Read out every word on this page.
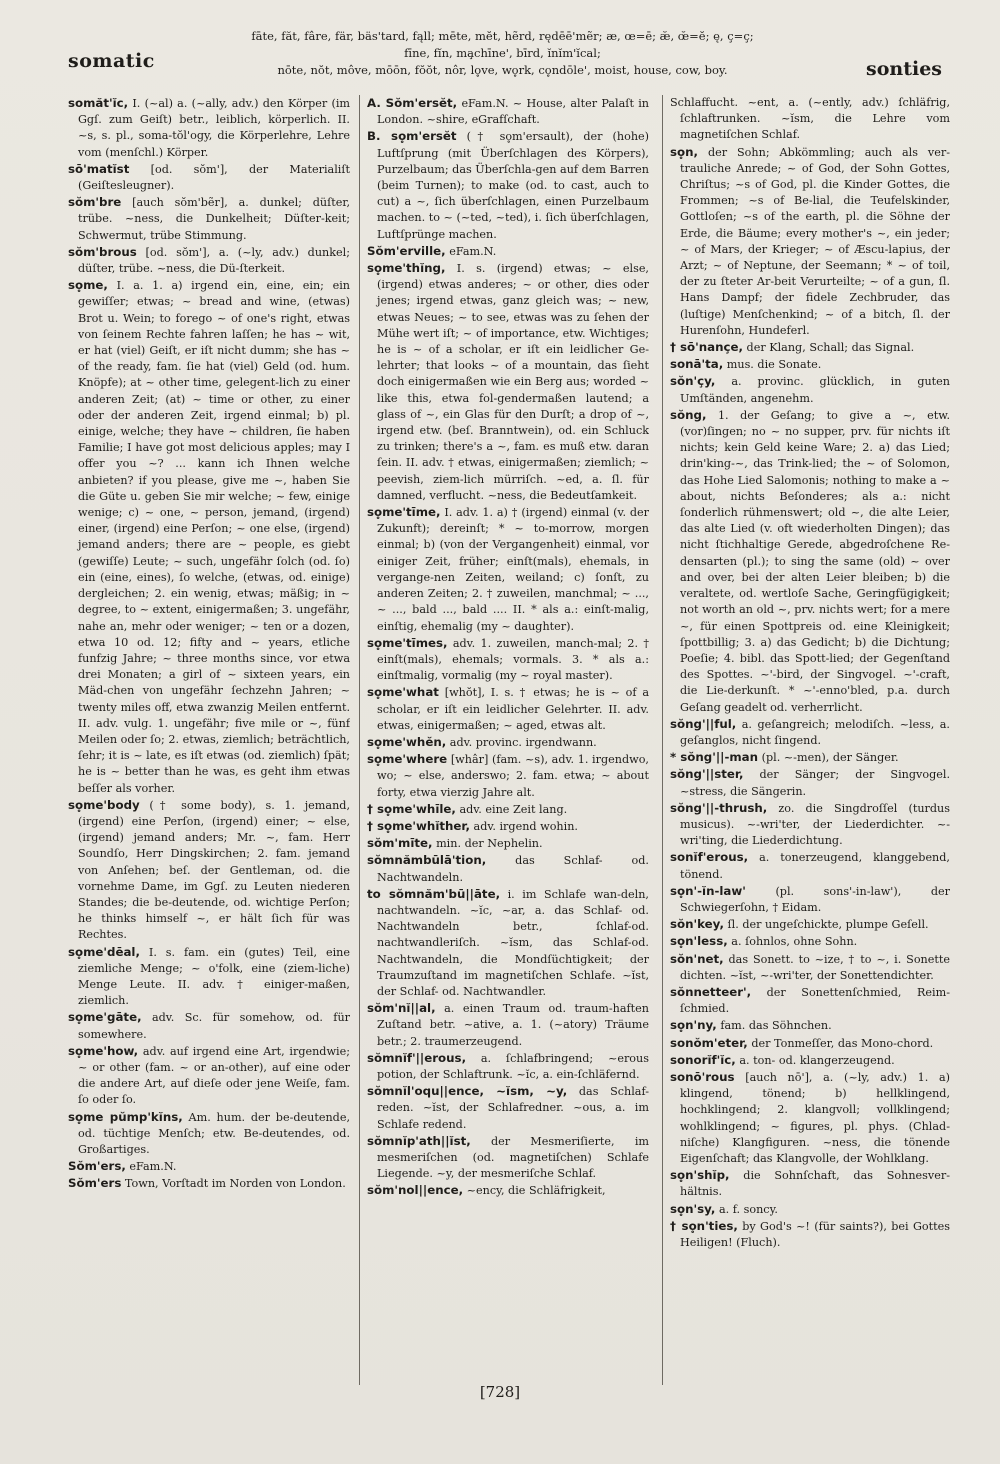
somatic
fāte, făt, fâre, fär, bäs'tard, fąll; mēte, mĕt, hẽrd, rędēē'mẽr; æ, œ=ē; æ̆, œ̆=ĕ; ę, ç=ç;
fīne, fĭn, ma̧chīne', bīrd, ĭnĭm'ĭcal;
nōte, nŏt, môve, mōōn, fŏŏt, nôr, lo̥ve, wo̥rk, co̥ndōle', moist, house, cow, boy.	sonties
somăt'ĭc, I. (~al) a. (~ally, adv.) den Körper (im Ggſ. zum Geiſt) betr., leiblich, körperlich. II. ~s, s. pl., soma-tŏl'ogy, die Körperlehre, Lehre vom (menſchl.) Körper.
sō'matĭst [od. sŏm'], der Materialiſt (Geiſtesleugner).
sŏm'bre [auch sŏm'bẽr], a. dunkel; düſter, trübe. ~ness, die Dunkelheit; Düſter-keit; Schwermut, trübe Stimmung.
sŏm'brous [od. sŏm'], a. (~ly, adv.) dunkel; düſter, trübe. ~ness, die Dü-ſterkeit.
so̥me, I. a. 1. a) irgend ein, eine, ein; ein gewiſſer; etwas; ~ bread and wine, (etwas) Brot u. Wein; to forego ~ of one's right, etwas von ſeinem Rechte fahren laſſen; he has ~ wit, er hat (viel) Geiſt, er iſt nicht dumm; she has ~ of the ready, fam. ſie hat (viel) Geld (od. hum. Knöpfe); at ~ other time, gelegent-lich zu einer anderen Zeit; (at) ~ time or other, zu einer oder der anderen Zeit, irgend einmal; b) pl. einige, welche; they have ~ children, ſie haben Familie; I have got most delicious apples; may I offer you ~? ... kann ich Ihnen welche anbieten? if you please, give me ~, haben Sie die Güte u. geben Sie mir welche; ~ few, einige wenige; c) ~ one, ~ person, jemand, (irgend) einer, (irgend) eine Perſon; ~ one else, (irgend) jemand anders; there are ~ people, es giebt (gewiſſe) Leute; ~ such, ungefähr ſolch (od. ſo) ein (eine, eines), ſo welche, (etwas, od. einige) dergleichen; 2. ein wenig, etwas; mäßig; in ~ degree, to ~ extent, einigermaßen; 3. ungefähr, nahe an, mehr oder weniger; ~ ten or a dozen, etwa 10 od. 12; fifty and ~ years, etliche funfzig Jahre; ~ three months since, vor etwa drei Monaten; a girl of ~ sixteen years, ein Mäd-chen von ungefähr ſechzehn Jahren; ~ twenty miles off, etwa zwanzig Meilen entfernt. II. adv. vulg. 1. ungefähr; five mile or ~, fünf Meilen oder ſo; 2. etwas, ziemlich; beträchtlich, ſehr; it is ~ late, es iſt etwas (od. ziemlich) ſpät; he is ~ better than he was, es geht ihm etwas beſſer als vorher.
so̥me'body († some body), s. 1. jemand, (irgend) eine Perſon, (irgend) einer; ~ else, (irgend) jemand anders; Mr. ~, fam. Herr Soundſo, Herr Dingskirchen; 2. fam. jemand von Anſehen; beſ. der Gentleman, od. die vornehme Dame, im Ggſ. zu Leuten niederen Standes; die be-deutende, od. wichtige Perſon; he thinks himself ~, er hält ſich für was Rechtes.
so̥me'dēal, I. s. fam. ein (gutes) Teil, eine ziemliche Menge; ~ o'folk, eine (ziem-liche) Menge Leute. II. adv. † einiger-maßen, ziemlich.
so̥me'gāte, adv. Sc. für somehow, od. für somewhere.
so̥me'how, adv. auf irgend eine Art, irgendwie; ~ or other (fam. ~ or an-other), auf eine oder die andere Art, auf dieſe oder jene Weiſe, fam. ſo oder ſo.
so̥me pŭmp'kĭns, Am. hum. der be-deutende, od. tüchtige Menſch; etw. Be-deutendes, od. Großartiges.
Sŏm'ers, eFam.N.
Sŏm'ers Town, Vorſtadt im Norden von London.
A. Sŏm'ersĕt, eFam.N. ~ House, alter Palaſt in London. ~shire, eGrafſchaft.
B. so̥m'ersĕt († so̥m'ersault), der (hohe) Luftſprung (mit Überſchlagen des Körpers), Purzelbaum; das Überſchla-gen auf dem Barren (beim Turnen); to make (od. to cast, auch to cut) a ~, ſich überſchlagen, einen Purzelbaum machen. to ~ (~ted, ~ted), i. ſich überſchlagen, Luftſprünge machen.
Sŏm'erville, eFam.N.
so̥me'thĭng, I. s. (irgend) etwas; ~ else, (irgend) etwas anderes; ~ or other, dies oder jenes; irgend etwas, ganz gleich was; ~ new, etwas Neues; ~ to see, etwas was zu ſehen der Mühe wert iſt; ~ of importance, etw. Wichtiges; he is ~ of a scholar, er iſt ein leidlicher Ge-lehrter; that looks ~ of a mountain, das ſieht doch einigermaßen wie ein Berg aus; worded ~ like this, etwa fol-gendermaßen lautend; a glass of ~, ein Glas für den Durſt; a drop of ~, irgend etw. (beſ. Branntwein), od. ein Schluck zu trinken; there's a ~, fam. es muß etw. daran ſein. II. adv. † etwas, einigermaßen; ziemlich; ~ peevish, ziem-lich mürriſch. ~ed, a. ſl. für damned, verflucht. ~ness, die Bedeutſamkeit.
so̥me'tīme, I. adv. 1. a) † (irgend) einmal (v. der Zukunft); dereinſt; * ~ to-morrow, morgen einmal; b) (von der Vergangenheit) einmal, vor einiger Zeit, früher; einſt(mals), ehemals, in vergange-nen Zeiten, weiland; c) ſonſt, zu anderen Zeiten; 2. † zuweilen, manchmal; ~ ..., ~ ..., bald ..., bald .... II. * als a.: einſt-malig, einſtig, ehemalig (my ~ daughter).
so̥me'tīmes, adv. 1. zuweilen, manch-mal; 2. † einſt(mals), ehemals; vormals. 3. * als a.: einſtmalig, vormalig (my ~ royal master).
so̥me'what [whŏt], I. s. † etwas; he is ~ of a scholar, er iſt ein leidlicher Gelehrter. II. adv. etwas, einigermaßen; ~ aged, etwas alt.
so̥me'whĕn, adv. provinc. irgendwann.
so̥me'where [whâr] (fam. ~s), adv. 1. irgendwo, wo; ~ else, anderswo; 2. fam. etwa; ~ about forty, etwa vierzig Jahre alt.
† so̥me'whīle, adv. eine Zeit lang.
† so̥me'whĭther, adv. irgend wohin.
sŏm'mīte, min. der Nephelin.
sŏmnămbūlā'tion,	das Schlaf- od. Nachtwandeln.
to sŏmnăm'bū||āte, i. im Schlafe wan-deln, nachtwandeln. ~ĭc, ~ar, a. das Schlaf- od. Nachtwandeln betr., ſchlaf-od. nachtwandleriſch. ~ĭsm, das Schlaf-od. Nachtwandeln, die Mondſüchtigkeit; der Traumzuſtand im magnetiſchen Schlafe. ~ĭst, der Schlaf- od. Nachtwandler.
sŏm'nĭ||al, a. einen Traum od. traum-haften Zuſtand betr. ~ative, a. 1. (~atory) Träume betr.; 2. traumerzeugend.
sŏmnĭf'||erous, a. ſchlafbringend; ~erous potion, der Schlaftrunk. ~ĭc, a. ein-ſchläfernd.
sŏmnĭl'oqu||ence, ~ĭsm, ~y, das Schlaf-reden. ~ĭst, der Schlafredner. ~ous, a. im Schlafe redend.
sŏmnĭp'ath||ĭst, der Mesmeriſierte, im mesmeriſchen (od. magnetiſchen) Schlafe Liegende. ~y, der mesmeriſche Schlaf.
sŏm'nol||ence, ~ency, die Schläfrigkeit,
Schlaffucht. ~ent, a. (~ently, adv.) ſchläfrig, ſchlaftrunken. ~ĭsm, die Lehre vom magnetiſchen Schlaf.
so̥n, der Sohn; Abkömmling; auch als ver-trauliche Anrede; ~ of God, der Sohn Gottes, Chriſtus; ~s of God, pl. die Kinder Gottes, die Frommen; ~s of Be-lial, die Teufelskinder, Gottloſen; ~s of the earth, pl. die Söhne der Erde, die Bäume; every mother's ~, ein jeder; ~ of Mars, der Krieger; ~ of Æscu-lapius, der Arzt; ~ of Neptune, der Seemann; * ~ of toil, der zu ſteter Ar-beit Verurteilte; ~ of a gun, ſl. Hans Dampf; der fidele Zechbruder, das (luſtige) Menſchenkind; ~ of a bitch, ſl. der Hurenſohn, Hundeferl.
† sō'nançe, der Klang, Schall; das Signal.
sonā'ta, mus. die Sonate.
sŏn'çy, a. provinc. glücklich, in guten Umſtänden, angenehm.
sŏng, 1. der Geſang; to give a ~, etw. (vor)ſingen; no ~ no supper, prv. für nichts iſt nichts; kein Geld keine Ware; 2. a) das Lied; drin'king-~, das Trink-lied; the ~ of Solomon, das Hohe Lied Salomonis; nothing to make a ~ about, nichts Beſonderes; als a.: nicht ſonderlich rühmenswert; old ~, die alte Leier, das alte Lied (v. oft wiederholten Dingen); das nicht ſtichhaltige Gerede, abgedroſchene Re-densarten (pl.); to sing the same (old) ~ over and over, bei der alten Leier bleiben; b) die veraltete, od. wertloſe Sache, Geringfügigkeit; not worth an old ~, prv. nichts wert; for a mere ~, für einen Spottpreis od. eine Kleinigkeit; ſpottbillig; 3. a) das Gedicht; b) die Dichtung; Poeſie; 4. bibl. das Spott-lied; der Gegenſtand des Spottes. ~'-bird, der Singvogel. ~'-craft, die Lie-derkunſt. * ~'-enno'bled, p.a. durch Geſang geadelt od. verherrlicht.
sŏng'||ful, a. geſangreich; melodiſch. ~less, a. geſanglos, nicht ſingend.
* sŏng'||-man (pl. ~-men), der Sänger.
sŏng'||ster, der Sänger; der Singvogel. ~stress, die Sängerin.
sŏng'||-thrush, zo. die Singdroſſel (turdus musicus). ~-wri'ter, der Liederdichter. ~-wri'ting, die Liederdichtung.
sonĭf'erous, a. tonerzeugend, klanggebend, tönend.
so̥n'-ĭn-law'	(pl. sons'-in-law'), der Schwiegerſohn, † Eidam.
sŏn'key, ſl. der ungeſchickte, plumpe Geſell.
so̥n'less, a. ſohnlos, ohne Sohn.
sŏn'net, das Sonett. to ~ize, † to ~, i. Sonette dichten. ~ĭst, ~-wri'ter, der Sonettendichter.
sŏnnetteer', der Sonettenſchmied, Reim-ſchmied.
so̥n'ny, fam. das Söhnchen.
sonŏm'eter, der Tonmeſſer, das Mono-chord.
sonorĭf'ĭc, a. ton- od. klangerzeugend.
sonō'rous [auch nō'], a. (~ly, adv.) 1. a) klingend, tönend; b) hellklingend, hochklingend; 2. klangvoll; vollklingend; wohlklingend; ~ figures, pl. phys. (Chlad-niſche) Klangfiguren. ~ness, die tönende Eigenſchaft; das Klangvolle, der Wohlklang.
so̥n'shĭp, die Sohnſchaft, das Sohnesver-hältnis.
so̥n'sy, a. f. soncy.
† so̥n'ties, by God's ~! (für saints?), bei Gottes Heiligen! (Fluch).
[728]
